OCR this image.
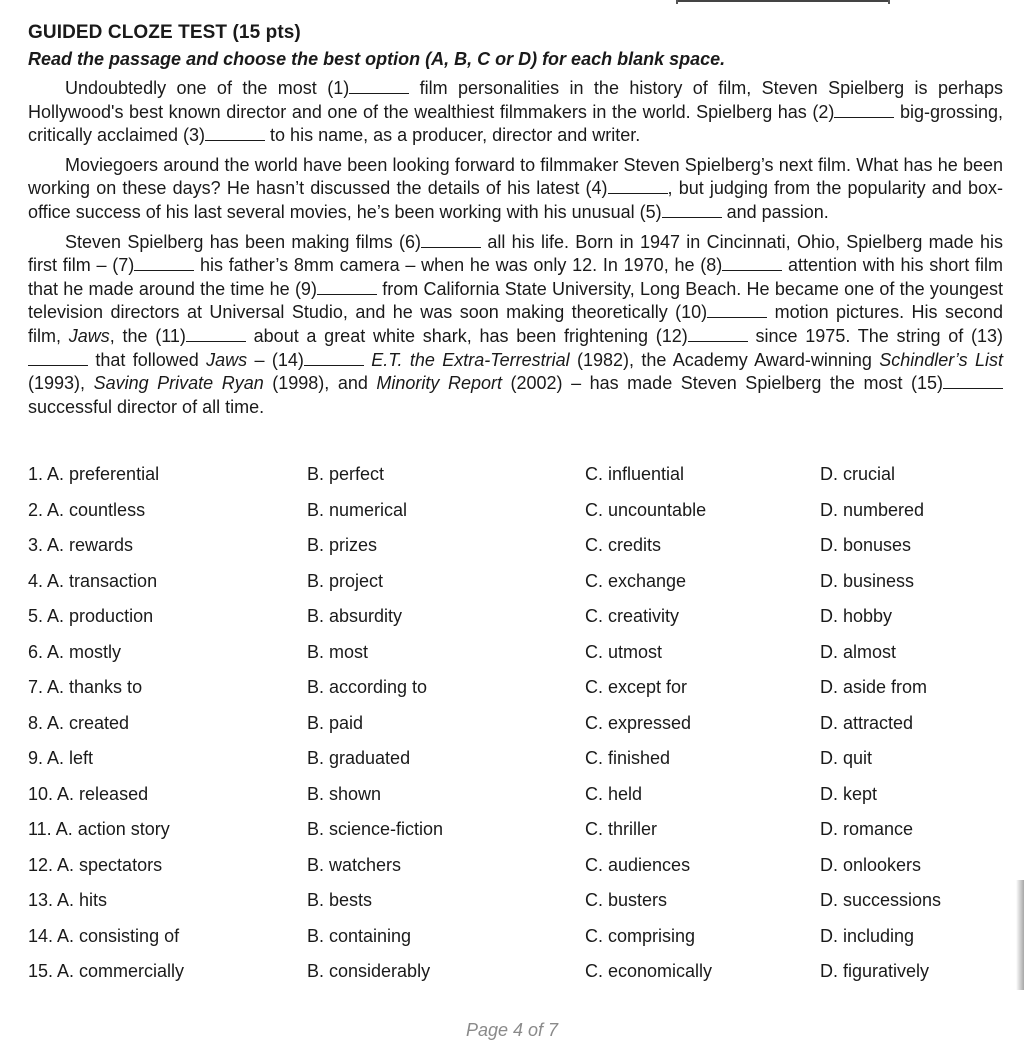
GUIDED CLOZE TEST (15 pts)
Read the passage and choose the best option (A, B, C or D) for each blank space.

Undoubtedly one of the most (1)	film personalities in the history of film, Steven Spielberg is perhaps Hollywood's best known director and one of the wealthiest filmmakers in the world. Spielberg has (2)	big-grossing, critically acclaimed (3)	to his name, as a producer, director and writer.

Moviegoers around the world have been looking forward to filmmaker Steven Spielberg’s next film. What has he been working on these days? He hasn’t discussed the details of his latest (4)	, but judging from the popularity and box-office success of his last several movies, he’s been working with his unusual (5)	and passion.

Steven Spielberg has been making films (6)	all his life. Born in 1947 in Cincinnati, Ohio, Spielberg made his first film – (7)	his father’s 8mm camera – when he was only 12. In 1970, he (8)	attention with his short film that he made around the time he (9)	from California State University, Long Beach. He became one of the youngest television directors at Universal Studio, and he was soon making theoretically (10)	motion pictures. His second film, Jaws, the (11)	about a great white shark, has been frightening (12)	since 1975. The string of (13) that followed Jaws – (14)	E.T. the Extra-Terrestrial (1982), the Academy Award-winning Schindler’s List (1993), Saving Private Ryan (1998), and Minority Report (2002) – has made Steven Spielberg the most (15) successful director of all time.

1. A. preferential	B. perfect	C. influential	D. crucial
2. A. countless	B. numerical	C. uncountable	D. numbered
3. A. rewards	B. prizes	C. credits	D. bonuses
4. A. transaction	B. project	C. exchange	D. business
5. A. production	B. absurdity	C. creativity	D. hobby
6. A. mostly	B. most	C. utmost	D. almost
7. A. thanks to	B. according to	C. except for	D. aside from
8. A. created	B. paid	C. expressed	D. attracted
9. A. left	B. graduated	C. finished	D. quit
10. A. released	B. shown	C. held	D. kept
11. A. action story	B. science-fiction	C. thriller	D. romance
12. A. spectators	B. watchers	C. audiences	D. onlookers
13. A. hits	B. bests	C. busters	D. successions
14. A. consisting of	B. containing	C. comprising	D. including
15. A. commercially	B. considerably	C. economically	D. figuratively
Page 4 of 7
